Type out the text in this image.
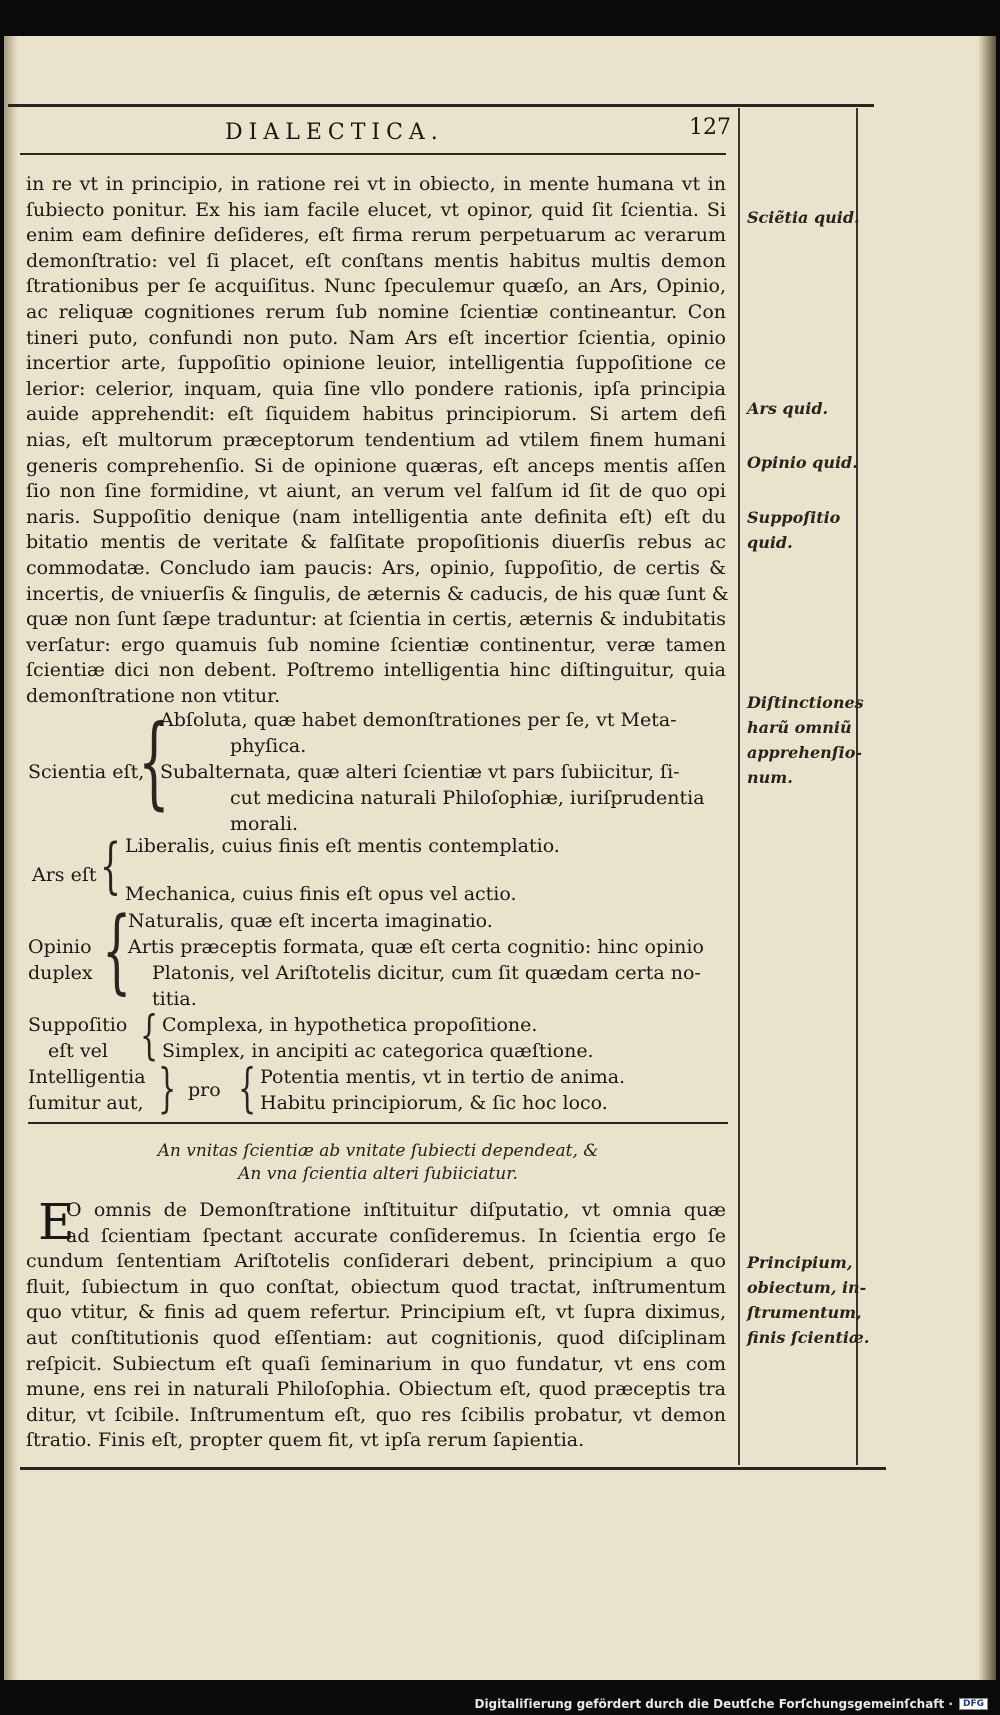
DIALECTICA.	127
in re vt in principio, in ratione rei vt in obiecto, in mente humana vt in
ſubiecto ponitur. Ex his iam facile elucet, vt opinor, quid ſit ſcientia. Si
enim eam definire deſideres, eſt firma rerum perpetuarum ac verarum
demonſtratio: vel ſi placet, eſt conſtans mentis habitus multis demon
ſtrationibus per ſe acquiſitus. Nunc ſpeculemur quæſo, an Ars, Opinio,
ac reliquæ cognitiones rerum ſub nomine ſcientiæ contineantur. Con
tineri puto, confundi non puto. Nam Ars eſt incertior ſcientia, opinio
incertior arte, ſuppoſitio opinione leuior, intelligentia ſuppoſitione ce
lerior: celerior, inquam, quia ſine vllo pondere rationis, ipſa principia
auide apprehendit: eſt ſiquidem habitus principiorum. Si artem defi
nias, eſt multorum præceptorum tendentium ad vtilem finem humani
generis comprehenſio. Si de opinione quæras, eſt anceps mentis aſſen
ſio non ſine formidine, vt aiunt, an verum vel falſum id ſit de quo opi
naris. Suppoſitio denique (nam intelligentia ante definita eſt) eſt du
bitatio mentis de veritate & falſitate propoſitionis diuerſis rebus ac
commodatæ. Concludo iam paucis: Ars, opinio, ſuppoſitio, de certis &
incertis, de vniuerſis & ſingulis, de æternis & caducis, de his quæ ſunt &
quæ non ſunt ſæpe traduntur: at ſcientia in certis, æternis & indubitatis
verſatur: ergo quamuis ſub nomine ſcientiæ continentur, veræ tamen
ſcientiæ dici non debent. Poſtremo intelligentia hinc diſtinguitur, quia
demonſtratione non vtitur.
Scientia eſt,
{
Abſoluta, quæ habet demonſtrationes per ſe, vt Meta-
phyſica.
Subalternata, quæ alteri ſcientiæ vt pars ſubiicitur, ſi-
cut medicina naturali Philoſophiæ, iuriſprudentia
morali.
Ars eſt { Liberalis, cuius finis eſt mentis contemplatio.
Mechanica, cuius finis eſt opus vel actio.
Opinio
duplex {
Naturalis, quæ eſt incerta imaginatio.
Artis præceptis formata, quæ eſt certa cognitio: hinc opinio
Platonis, vel Ariſtotelis dicitur, cum ſit quædam certa no-
titia.
Suppoſitio
eſt vel { Complexa, in hypothetica propoſitione.
Simplex, in ancipiti ac categorica quæſtione.
Intelligentia
ſumitur aut, } pro { Potentia mentis, vt in tertio de anima.
Habitu principiorum, & ſic hoc loco.
An vnitas ſcientiæ ab vnitate ſubiecti dependeat, &
An vna ſcientia alteri ſubiiciatur.
E
O omnis de Demonſtratione inſtituitur diſputatio, vt omnia quæ
ad ſcientiam ſpectant accurate conſideremus. In ſcientia ergo ſe
cundum ſententiam Ariſtotelis conſiderari debent, principium a quo
fluit, ſubiectum in quo conſtat, obiectum quod tractat, inſtrumentum
quo vtitur, & finis ad quem refertur. Principium eſt, vt ſupra diximus,
aut conſtitutionis quod eſſentiam: aut cognitionis, quod diſciplinam
reſpicit. Subiectum eſt quaſi ſeminarium in quo fundatur, vt ens com
mune, ens rei in naturali Philoſophia. Obiectum eſt, quod præceptis tra
ditur, vt ſcibile. Inſtrumentum eſt, quo res ſcibilis probatur, vt demon
ſtratio. Finis eſt, propter quem fit, vt ipſa rerum ſapientia.
Sciẽtia quid.
Ars quid.
Opinio quid.
Suppoſitio
quid.
Diſtinctiones
harũ omniũ
apprehenſio-
num.
Principium,
obiectum, in-
ſtrumentum,
finis ſcientiæ.
Digitaliſierung gefördert durch die Deutſche Forſchungsgemeinſchaft ·	DFG
